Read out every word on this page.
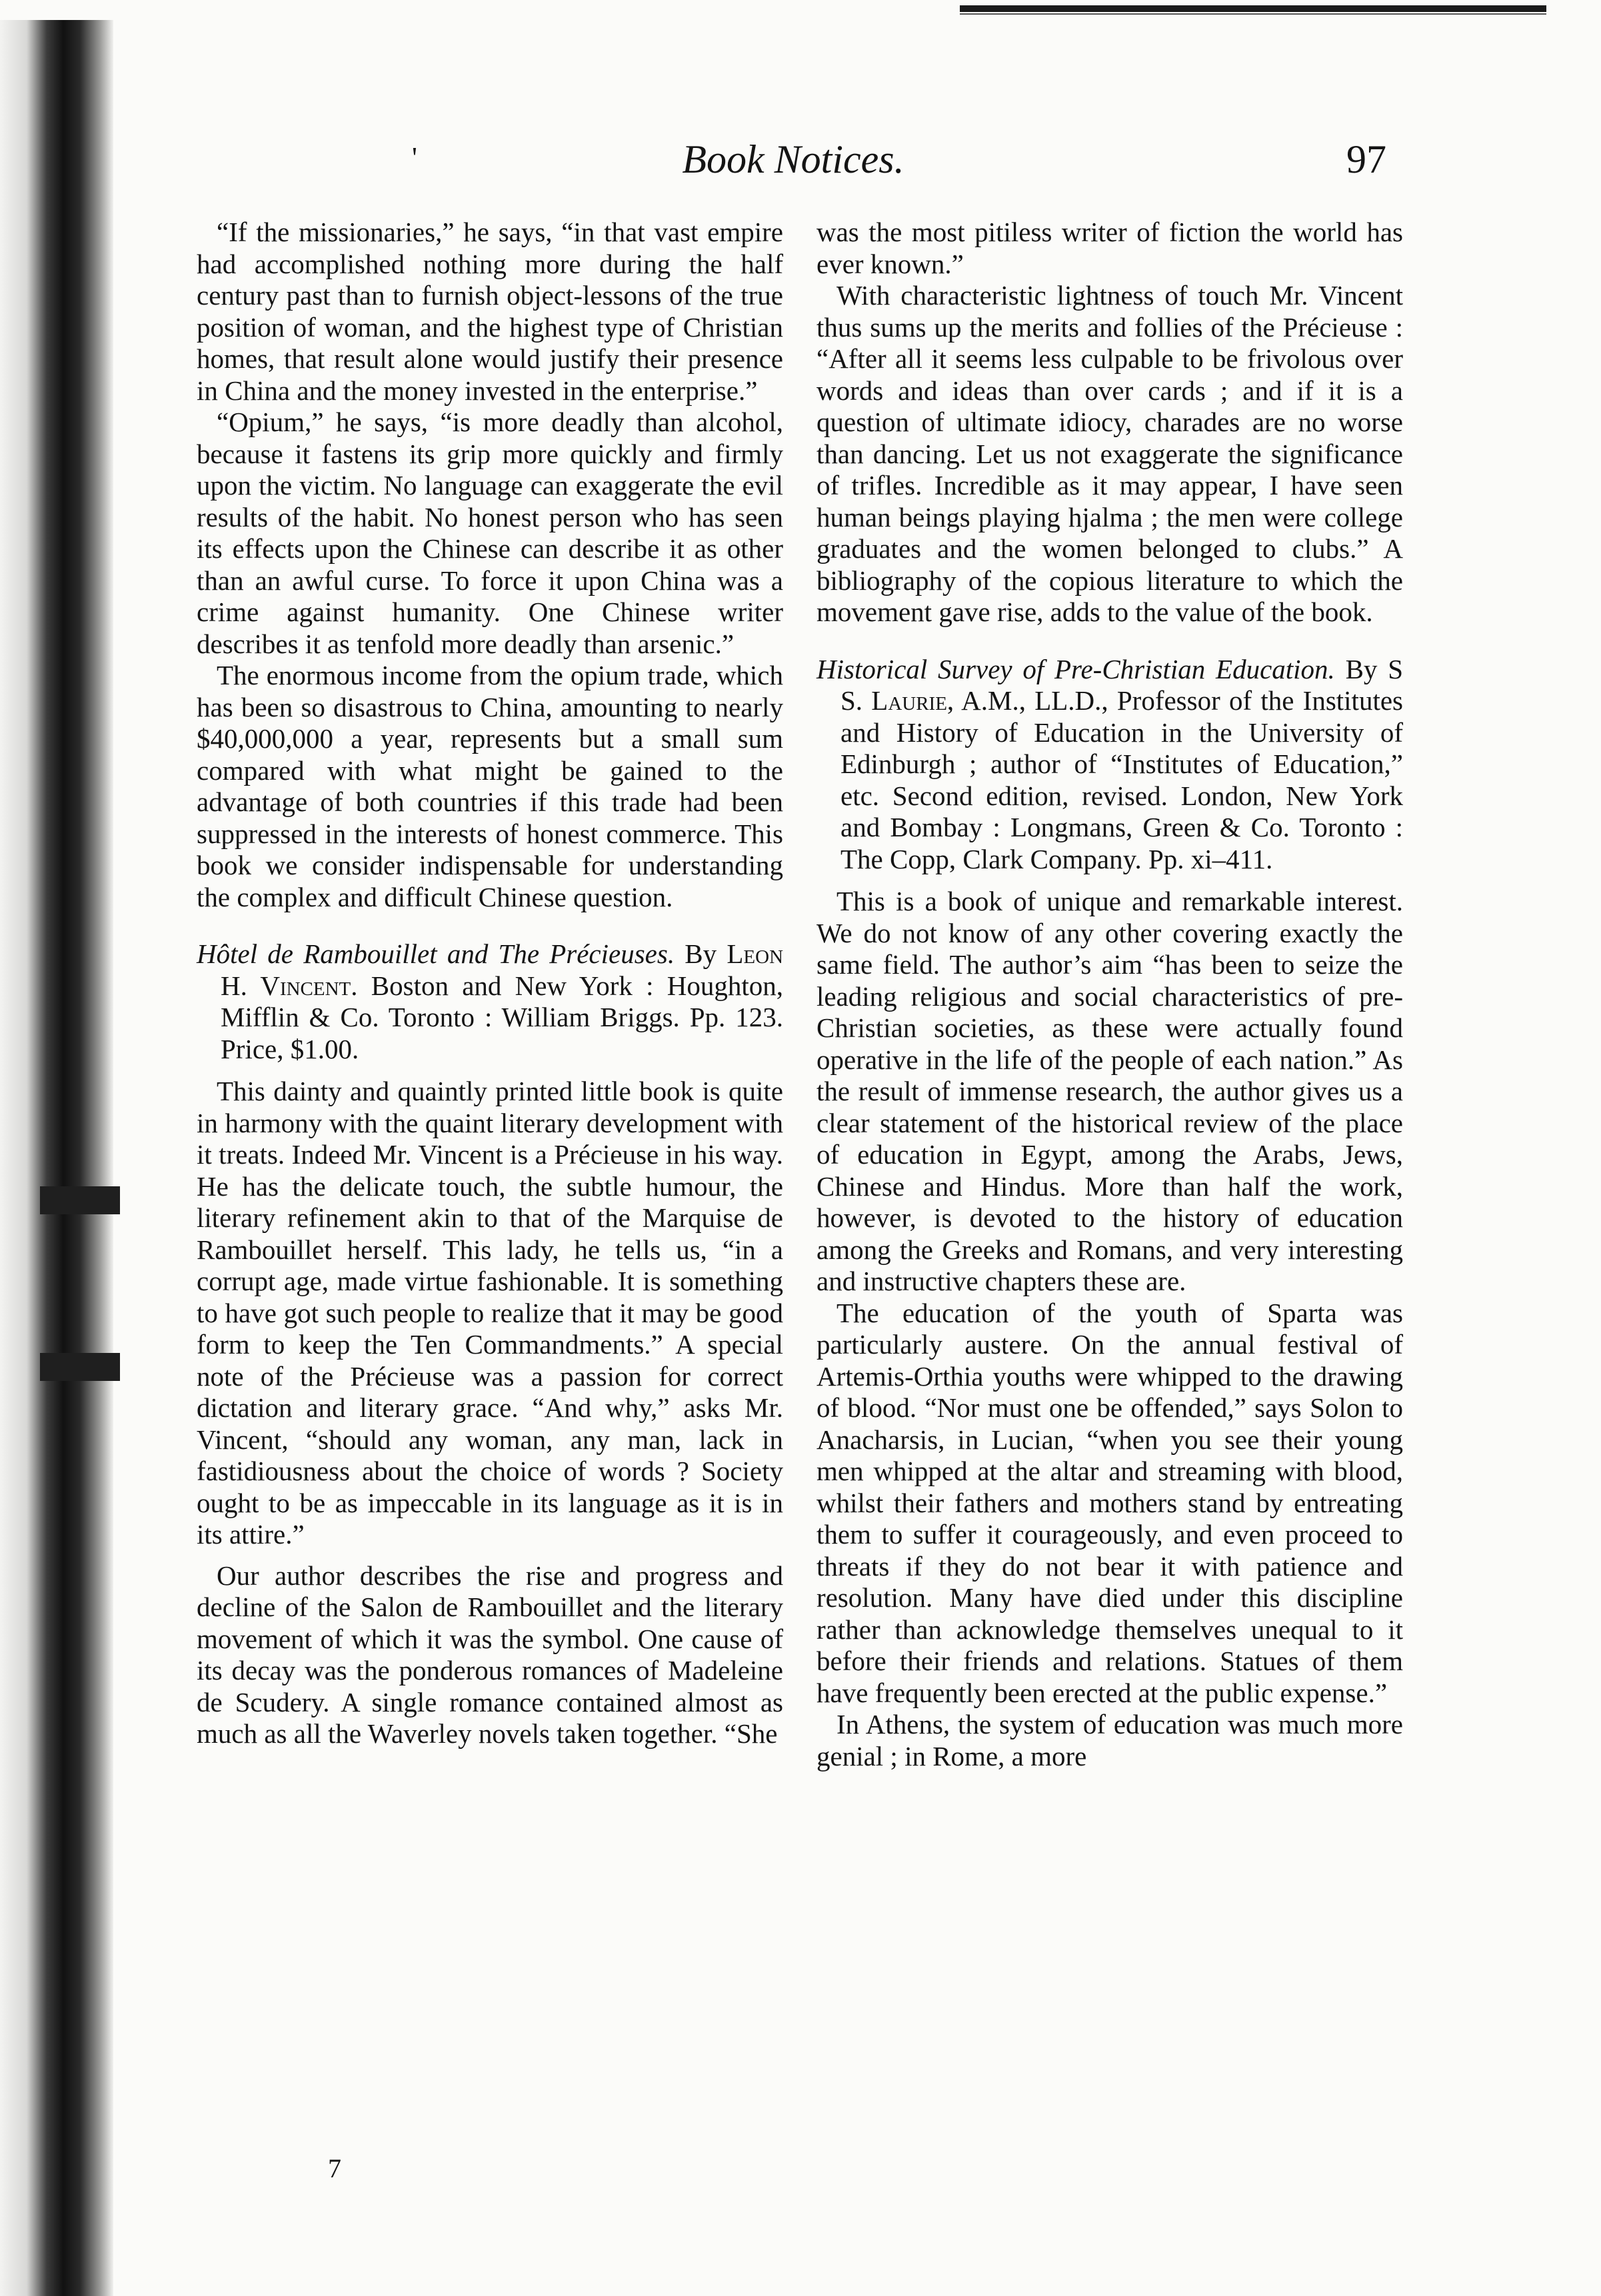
'	Book Notices.	97

“If the missionaries,” he says, “in that vast empire had accomplished nothing more during the half century past than to furnish object-lessons of the true position of woman, and the highest type of Christian homes, that result alone would justify their presence in China and the money invested in the enterprise.”

“Opium,” he says, “is more deadly than alcohol, because it fastens its grip more quickly and firmly upon the victim. No language can exaggerate the evil results of the habit. No honest person who has seen its effects upon the Chinese can describe it as other than an awful curse. To force it upon China was a crime against humanity. One Chinese writer describes it as tenfold more deadly than arsenic.”

The enormous income from the opium trade, which has been so disastrous to China, amounting to nearly $40,000,000 a year, represents but a small sum compared with what might be gained to the advantage of both countries if this trade had been suppressed in the interests of honest commerce. This book we consider indispensable for understanding the complex and difficult Chinese question.

Hôtel de Rambouillet and The Précieuses. By Leon H. Vincent. Boston and New York : Houghton, Mifflin & Co. Toronto : William Briggs. Pp. 123. Price, $1.00.

This dainty and quaintly printed little book is quite in harmony with the quaint literary development with it treats. Indeed Mr. Vincent is a Précieuse in his way. He has the delicate touch, the subtle humour, the literary refinement akin to that of the Marquise de Rambouillet herself. This lady, he tells us, “in a corrupt age, made virtue fashionable. It is something to have got such people to realize that it may be good form to keep the Ten Commandments.” A special note of the Précieuse was a passion for correct dictation and literary grace. “And why,” asks Mr. Vincent, “should any woman, any man, lack in fastidiousness about the choice of words ? Society ought to be as impeccable in its language as it is in its attire.”

Our author describes the rise and progress and decline of the Salon de Rambouillet and the literary movement of which it was the symbol. One cause of its decay was the ponderous romances of Madeleine de Scudery. A single romance contained almost as much as all the Waverley novels taken together. “She

7

was the most pitiless writer of fiction the world has ever known.”

With characteristic lightness of touch Mr. Vincent thus sums up the merits and follies of the Précieuse : “After all it seems less culpable to be frivolous over words and ideas than over cards ; and if it is a question of ultimate idiocy, charades are no worse than dancing. Let us not exaggerate the significance of trifles. Incredible as it may appear, I have seen human beings playing hjalma ; the men were college graduates and the women belonged to clubs.” A bibliography of the copious literature to which the movement gave rise, adds to the value of the book.

Historical Survey of Pre-Christian Education. By S S. Laurie, A.M., LL.D., Professor of the Institutes and History of Education in the University of Edinburgh ; author of “Institutes of Education,” etc. Second edition, revised. London, New York and Bombay : Longmans, Green & Co. Toronto : The Copp, Clark Company. Pp. xi–411.

This is a book of unique and remarkable interest. We do not know of any other covering exactly the same field. The author’s aim “has been to seize the leading religious and social characteristics of pre-Christian societies, as these were actually found operative in the life of the people of each nation.” As the result of immense research, the author gives us a clear statement of the historical review of the place of education in Egypt, among the Arabs, Jews, Chinese and Hindus. More than half the work, however, is devoted to the history of education among the Greeks and Romans, and very interesting and instructive chapters these are.

The education of the youth of Sparta was particularly austere. On the annual festival of Artemis-Orthia youths were whipped to the drawing of blood. “Nor must one be offended,” says Solon to Anacharsis, in Lucian, “when you see their young men whipped at the altar and streaming with blood, whilst their fathers and mothers stand by entreating them to suffer it courageously, and even proceed to threats if they do not bear it with patience and resolution. Many have died under this discipline rather than acknowledge themselves unequal to it before their friends and relations. Statues of them have frequently been erected at the public expense.”

In Athens, the system of education was much more genial ; in Rome, a more
